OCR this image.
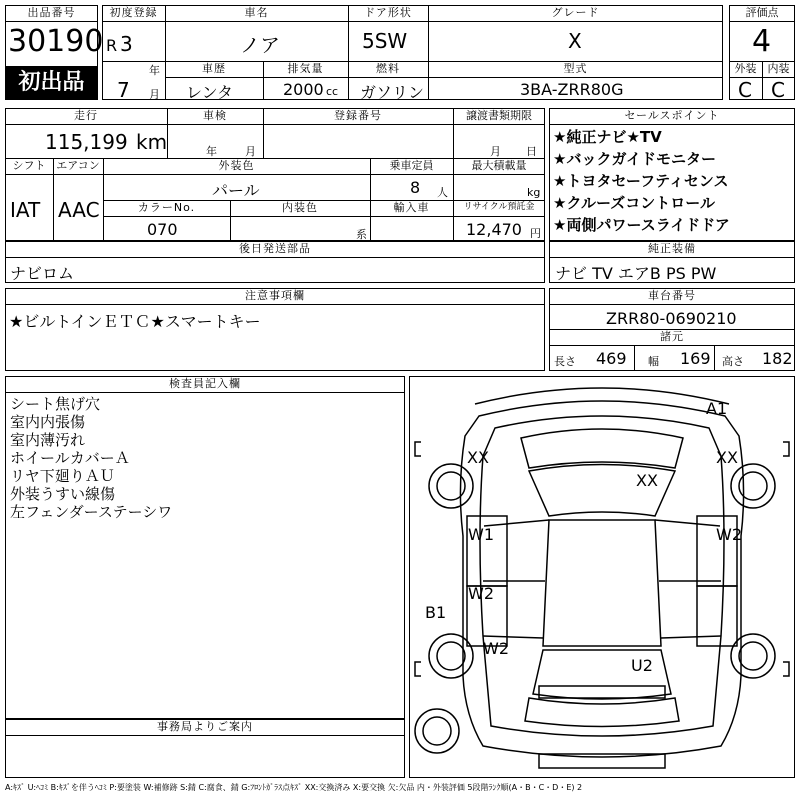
出品番号
30190
初出品
初度登録
R 3
年
7 月
車名
ノア
ドア形状
5SW
グレード
X
車歴
レンタ
排気量
2000 cc
燃料
ガソリン
型式
3BA-ZRR80G
評価点
4
外装	内装
C C
走行
115,199 km
車検
年	月
登録番号	譲渡書類期限
月 日
シフト
IAT
エアコン
AAC
外装色
パール
カラーNo.
070
内装色
系
乗車定員
8 人
最大積載量
kg
輸入車	リサイクル預託金
12,470 円
セールスポイント
★純正ナビ★TV
★バックガイドモニター
★トヨタセーフティセンス
★クルーズコントロール
★両側パワースライドドア
後日発送部品
ナビロム
純正装備
ナビ TV エアB PS PW
注意事項欄
★ビルトインＥＴＣ★スマートキー
車台番号
ZRR80-0690210
諸元
長さ 469 幅 169 高さ 182
検査員記入欄
シート焦げ穴
室内内張傷
室内薄汚れ
ホイールカバーＡ
リヤ下廻りＡＵ
外装うすい線傷
左フェンダーステーシワ
事務局よりご案内
A1
XX	XX
XX
W1	W2
W2
B1
W2
U2
A:ｷｽﾞ U:ﾍｺﾐ B:ｷｽﾞを伴うﾍｺﾐ P:要塗装 W:補修跡 S:錆 C:腐食、錆 G:ﾌﾛﾝﾄｶﾞﾗｽ点ｷｽﾞ XX:交換済み X:要交換 欠:欠品 内・外装評価 5段階ﾗﾝｸ順(A・B・C・D・E) 2
